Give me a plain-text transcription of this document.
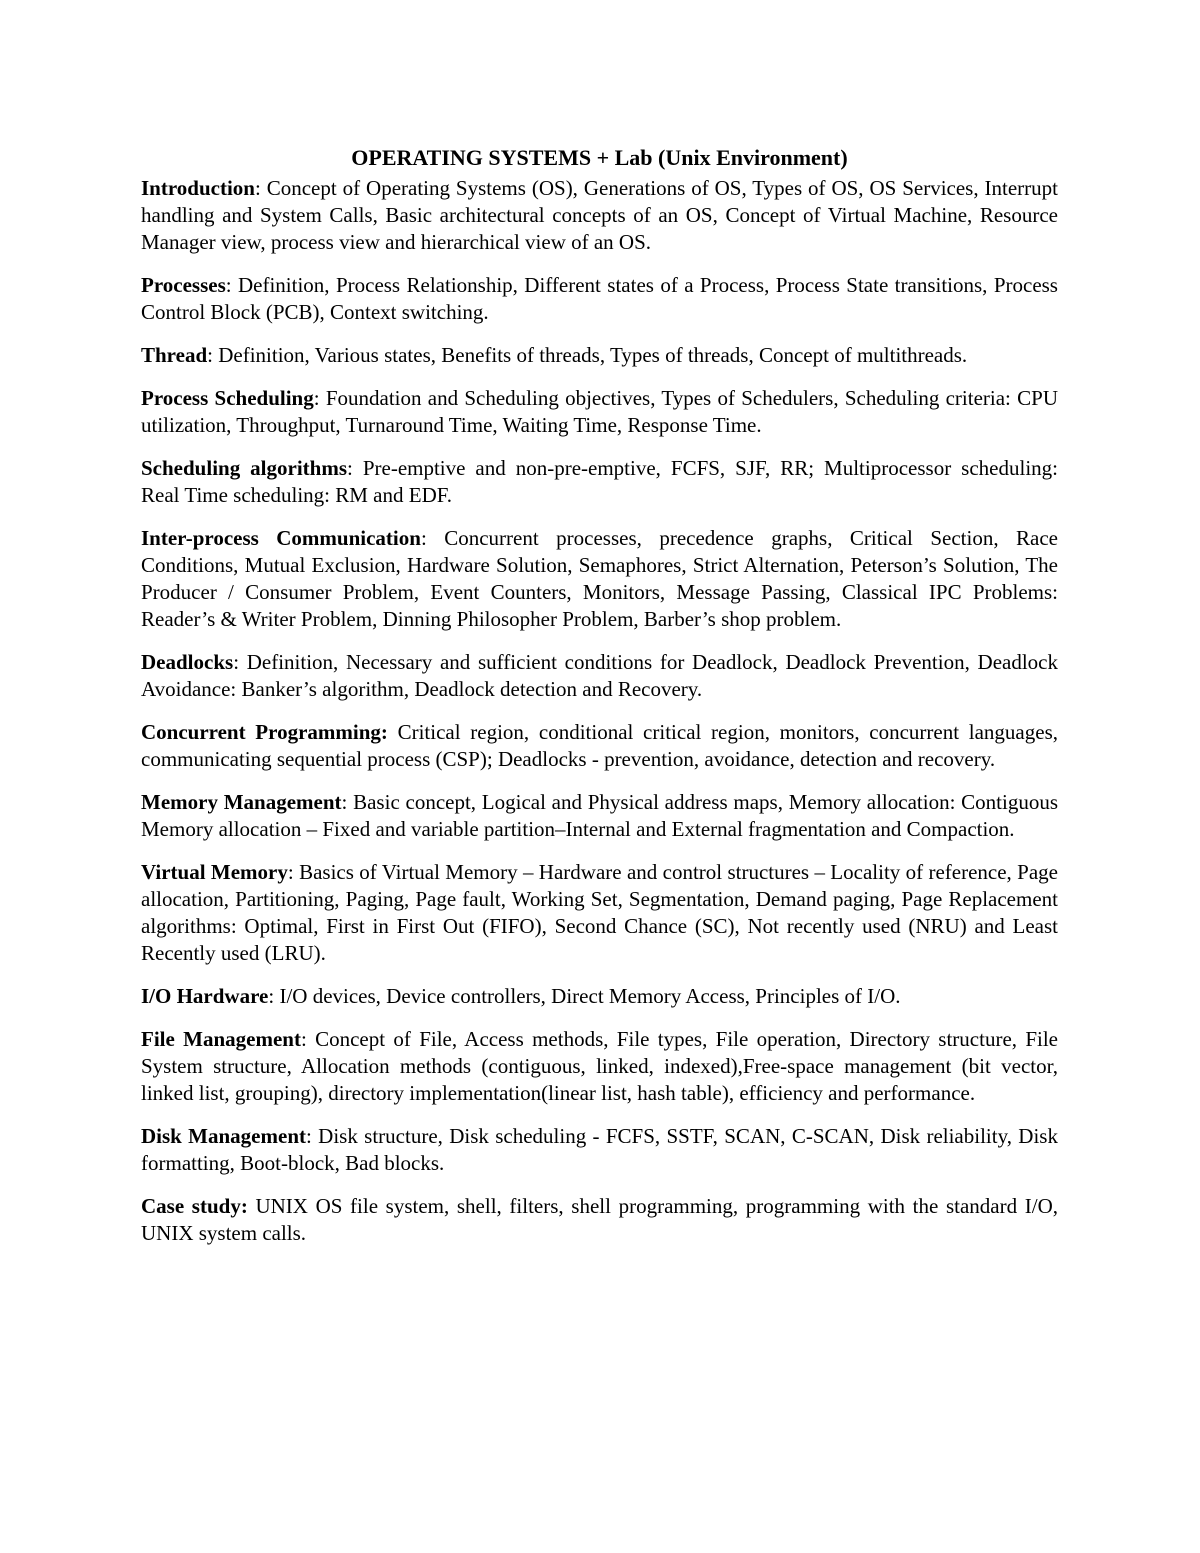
OPERATING SYSTEMS + Lab (Unix Environment)

Introduction: Concept of Operating Systems (OS), Generations of OS, Types of OS, OS Services, Interrupt handling and System Calls, Basic architectural concepts of an OS, Concept of Virtual Machine, Resource Manager view, process view and hierarchical view of an OS.

Processes: Definition, Process Relationship, Different states of a Process, Process State transitions, Process Control Block (PCB), Context switching.

Thread: Definition, Various states, Benefits of threads, Types of threads, Concept of multithreads.

Process Scheduling: Foundation and Scheduling objectives, Types of Schedulers, Scheduling criteria: CPU utilization, Throughput, Turnaround Time, Waiting Time, Response Time.

Scheduling algorithms: Pre-emptive and non-pre-emptive, FCFS, SJF, RR; Multiprocessor scheduling: Real Time scheduling: RM and EDF.

Inter-process Communication: Concurrent processes, precedence graphs, Critical Section, Race Conditions, Mutual Exclusion, Hardware Solution, Semaphores, Strict Alternation, Peterson’s Solution, The Producer / Consumer Problem, Event Counters, Monitors, Message Passing, Classical IPC Problems: Reader’s & Writer Problem, Dinning Philosopher Problem, Barber’s shop problem.

Deadlocks: Definition, Necessary and sufficient conditions for Deadlock, Deadlock Prevention, Deadlock Avoidance: Banker’s algorithm, Deadlock detection and Recovery.

Concurrent Programming: Critical region, conditional critical region, monitors, concurrent languages, communicating sequential process (CSP); Deadlocks - prevention, avoidance, detection and recovery.

Memory Management: Basic concept, Logical and Physical address maps, Memory allocation: Contiguous Memory allocation – Fixed and variable partition–Internal and External fragmentation and Compaction.

Virtual Memory: Basics of Virtual Memory – Hardware and control structures – Locality of reference, Page allocation, Partitioning, Paging, Page fault, Working Set, Segmentation, Demand paging, Page Replacement algorithms: Optimal, First in First Out (FIFO), Second Chance (SC), Not recently used (NRU) and Least Recently used (LRU).

I/O Hardware: I/O devices, Device controllers, Direct Memory Access, Principles of I/O.

File Management: Concept of File, Access methods, File types, File operation, Directory structure, File System structure, Allocation methods (contiguous, linked, indexed),Free-space management (bit vector, linked list, grouping), directory implementation(linear list, hash table), efficiency and performance.

Disk Management: Disk structure, Disk scheduling - FCFS, SSTF, SCAN, C-SCAN, Disk reliability, Disk formatting, Boot-block, Bad blocks.

Case study: UNIX OS file system, shell, filters, shell programming, programming with the standard I/O, UNIX system calls.
